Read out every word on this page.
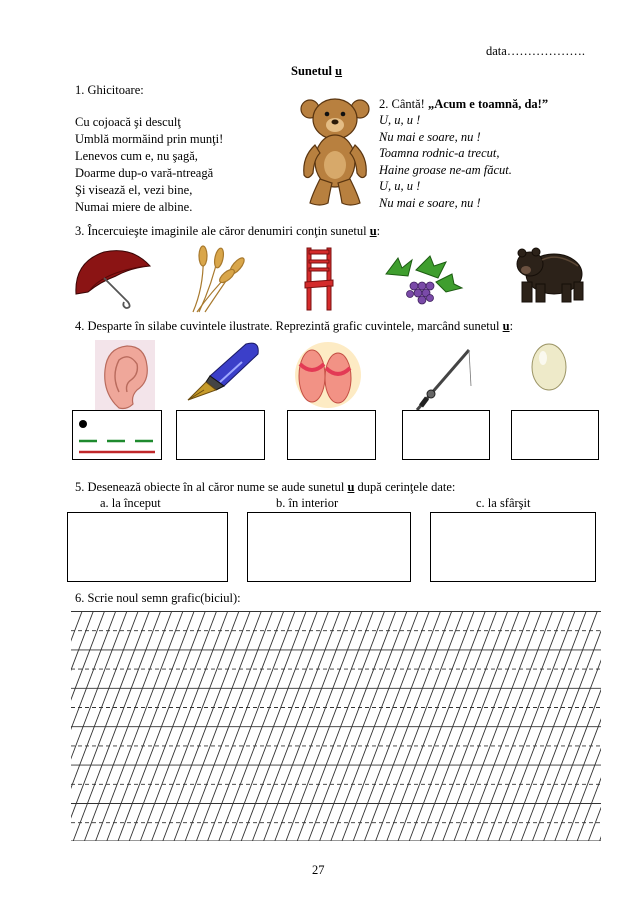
data……………….
Sunetul u
1. Ghicitoare:
Cu cojoacă şi desculţ
Umblă mormăind prin munţi!
Lenevos cum e, nu şagă,
Doarme dup-o vară-ntreagă
Şi visează el, vezi bine,
Numai miere de albine.
2. Cântă! „Acum e toamnă, da!”
U, u, u !
Nu mai e soare, nu !
Toamna rodnic-a trecut,
Haine groase ne-am făcut.
U, u, u !
Nu mai e soare, nu !
3. Încercuieşte imaginile ale căror denumiri conţin sunetul u:
4. Desparte în silabe cuvintele ilustrate. Reprezintă grafic cuvintele, marcând sunetul u:
5. Desenează obiecte în al căror nume se aude sunetul u după cerinţele date:
a. la început	b. în interior	c. la sfârşit
6. Scrie noul semn grafic(biciul):
27
